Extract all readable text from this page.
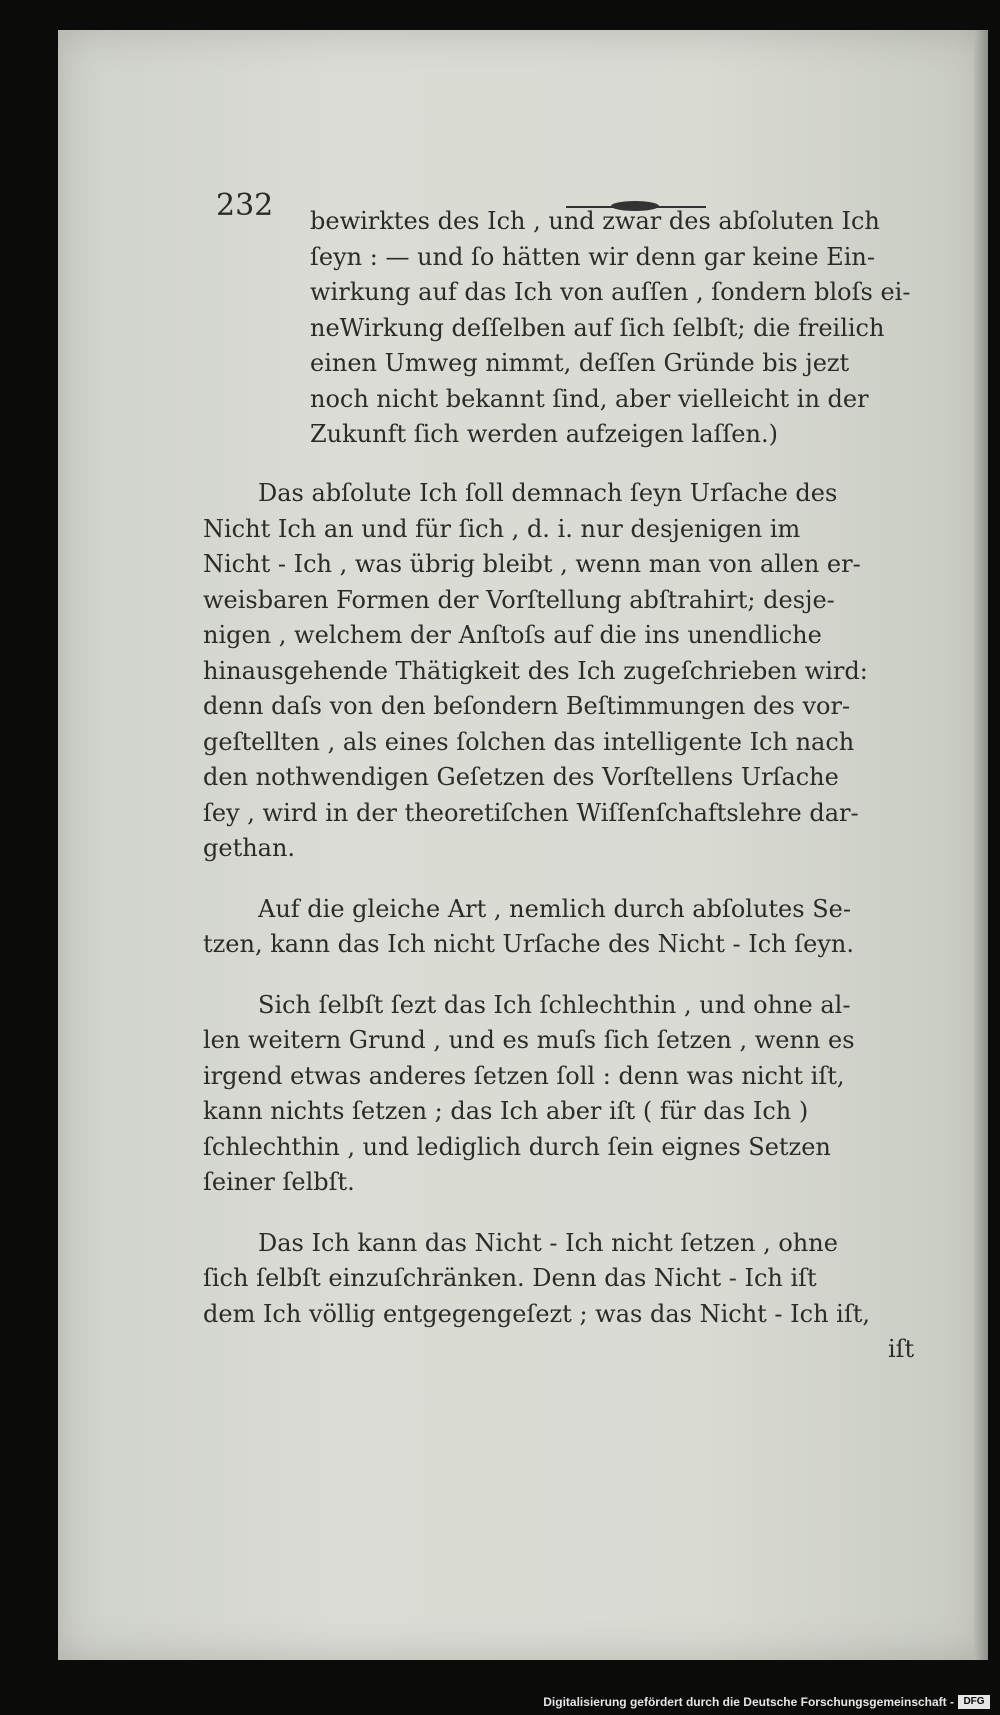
232 bewirktes des Ich , und zwar des abſoluten Ich
ſeyn : — und ſo hätten wir denn gar keine Ein-
wirkung auf das Ich von auſſen , ſondern bloſs ei-
neWirkung deſſelben auf ſich ſelbſt; die freilich
einen Umweg nimmt, deſſen Gründe bis jezt
noch nicht bekannt ſind, aber vielleicht in der
Zukunft ſich werden aufzeigen laſſen.)
Das abſolute Ich ſoll demnach ſeyn Urſache des
Nicht Ich an und für ſich , d. i. nur desjenigen im
Nicht - Ich , was übrig bleibt , wenn man von allen er-
weisbaren Formen der Vorſtellung abſtrahirt; desje-
nigen , welchem der Anſtoſs auf die ins unendliche
hinausgehende Thätigkeit des Ich zugeſchrieben wird:
denn daſs von den beſondern Beſtimmungen des vor-
geſtellten , als eines ſolchen das intelligente Ich nach
den nothwendigen Geſetzen des Vorſtellens Urſache
ſey , wird in der theoretiſchen Wiſſenſchaftslehre dar-
gethan.
Auf die gleiche Art , nemlich durch abſolutes Se-
tzen, kann das Ich nicht Urſache des Nicht - Ich ſeyn.
Sich ſelbſt ſezt das Ich ſchlechthin , und ohne al-
len weitern Grund , und es muſs ſich ſetzen , wenn es
irgend etwas anderes ſetzen ſoll : denn was nicht iſt,
kann nichts ſetzen ; das Ich aber iſt ( für das Ich )
ſchlechthin , und lediglich durch ſein eignes Setzen
ſeiner ſelbſt.
Das Ich kann das Nicht - Ich nicht ſetzen , ohne
ſich ſelbſt einzuſchränken. Denn das Nicht - Ich iſt
dem Ich völlig entgegengeſezt ; was das Nicht - Ich iſt,
iſt
Digitalisierung gefördert durch die Deutsche Forschungsgemeinschaft - DFG
